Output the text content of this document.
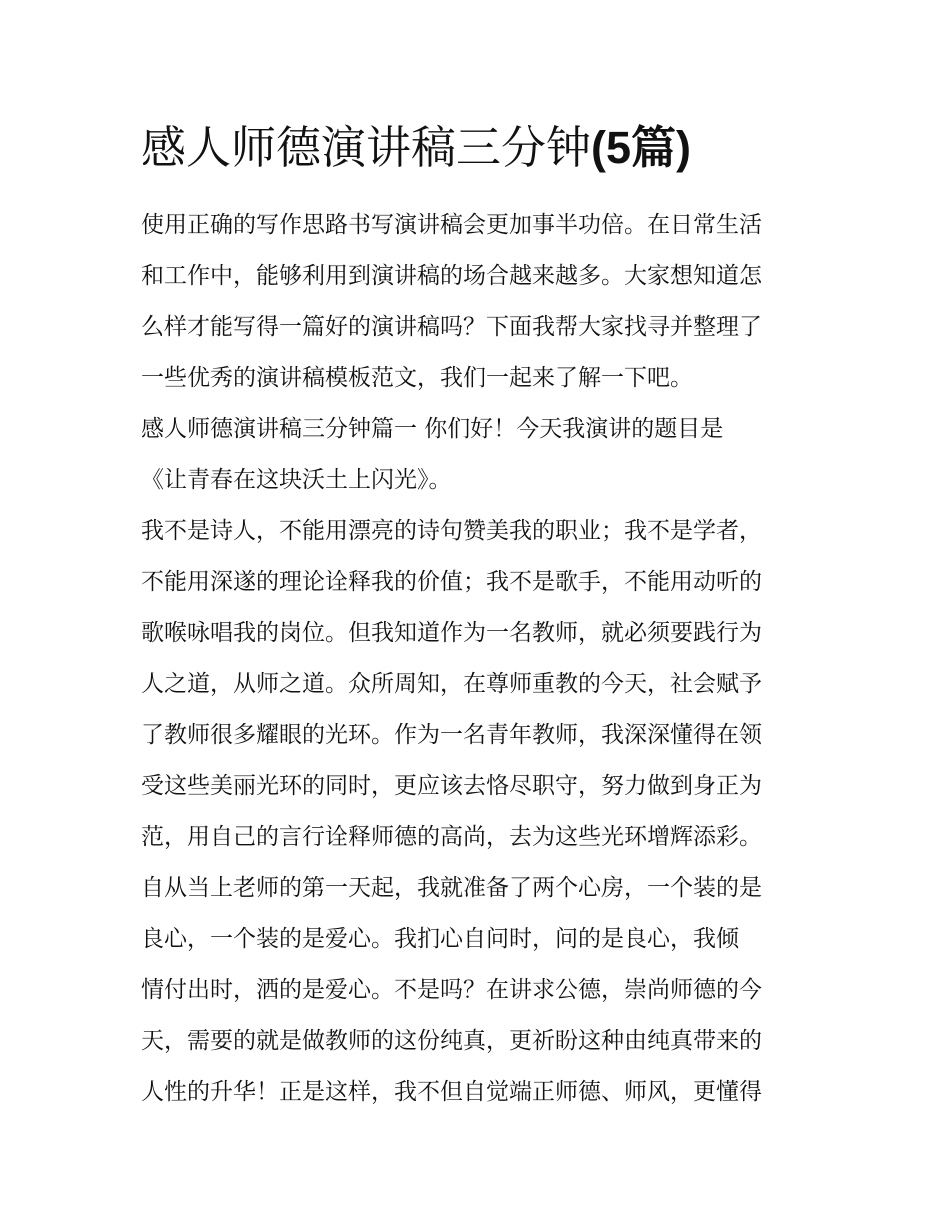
感人师德演讲稿三分钟(5篇)
使用正确的写作思路书写演讲稿会更加事半功倍。在日常生活
和工作中，能够利用到演讲稿的场合越来越多。大家想知道怎
么样才能写得一篇好的演讲稿吗？下面我帮大家找寻并整理了
一些优秀的演讲稿模板范文，我们一起来了解一下吧。
感人师德演讲稿三分钟篇一 你们好！今天我演讲的题目是
《让青春在这块沃土上闪光》。
我不是诗人，不能用漂亮的诗句赞美我的职业；我不是学者，
不能用深遂的理论诠释我的价值；我不是歌手，不能用动听的
歌喉咏唱我的岗位。但我知道作为一名教师，就必须要践行为
人之道，从师之道。众所周知，在尊师重教的今天，社会赋予
了教师很多耀眼的光环。作为一名青年教师，我深深懂得在领
受这些美丽光环的同时，更应该去恪尽职守，努力做到身正为
范，用自己的言行诠释师德的高尚，去为这些光环增辉添彩。
自从当上老师的第一天起，我就准备了两个心房，一个装的是
良心，一个装的是爱心。我扪心自问时，问的是良心，我倾
情付出时，洒的是爱心。不是吗？在讲求公德，崇尚师德的今
天，需要的就是做教师的这份纯真，更祈盼这种由纯真带来的
人性的升华！正是这样，我不但自觉端正师德、师风，更懂得
